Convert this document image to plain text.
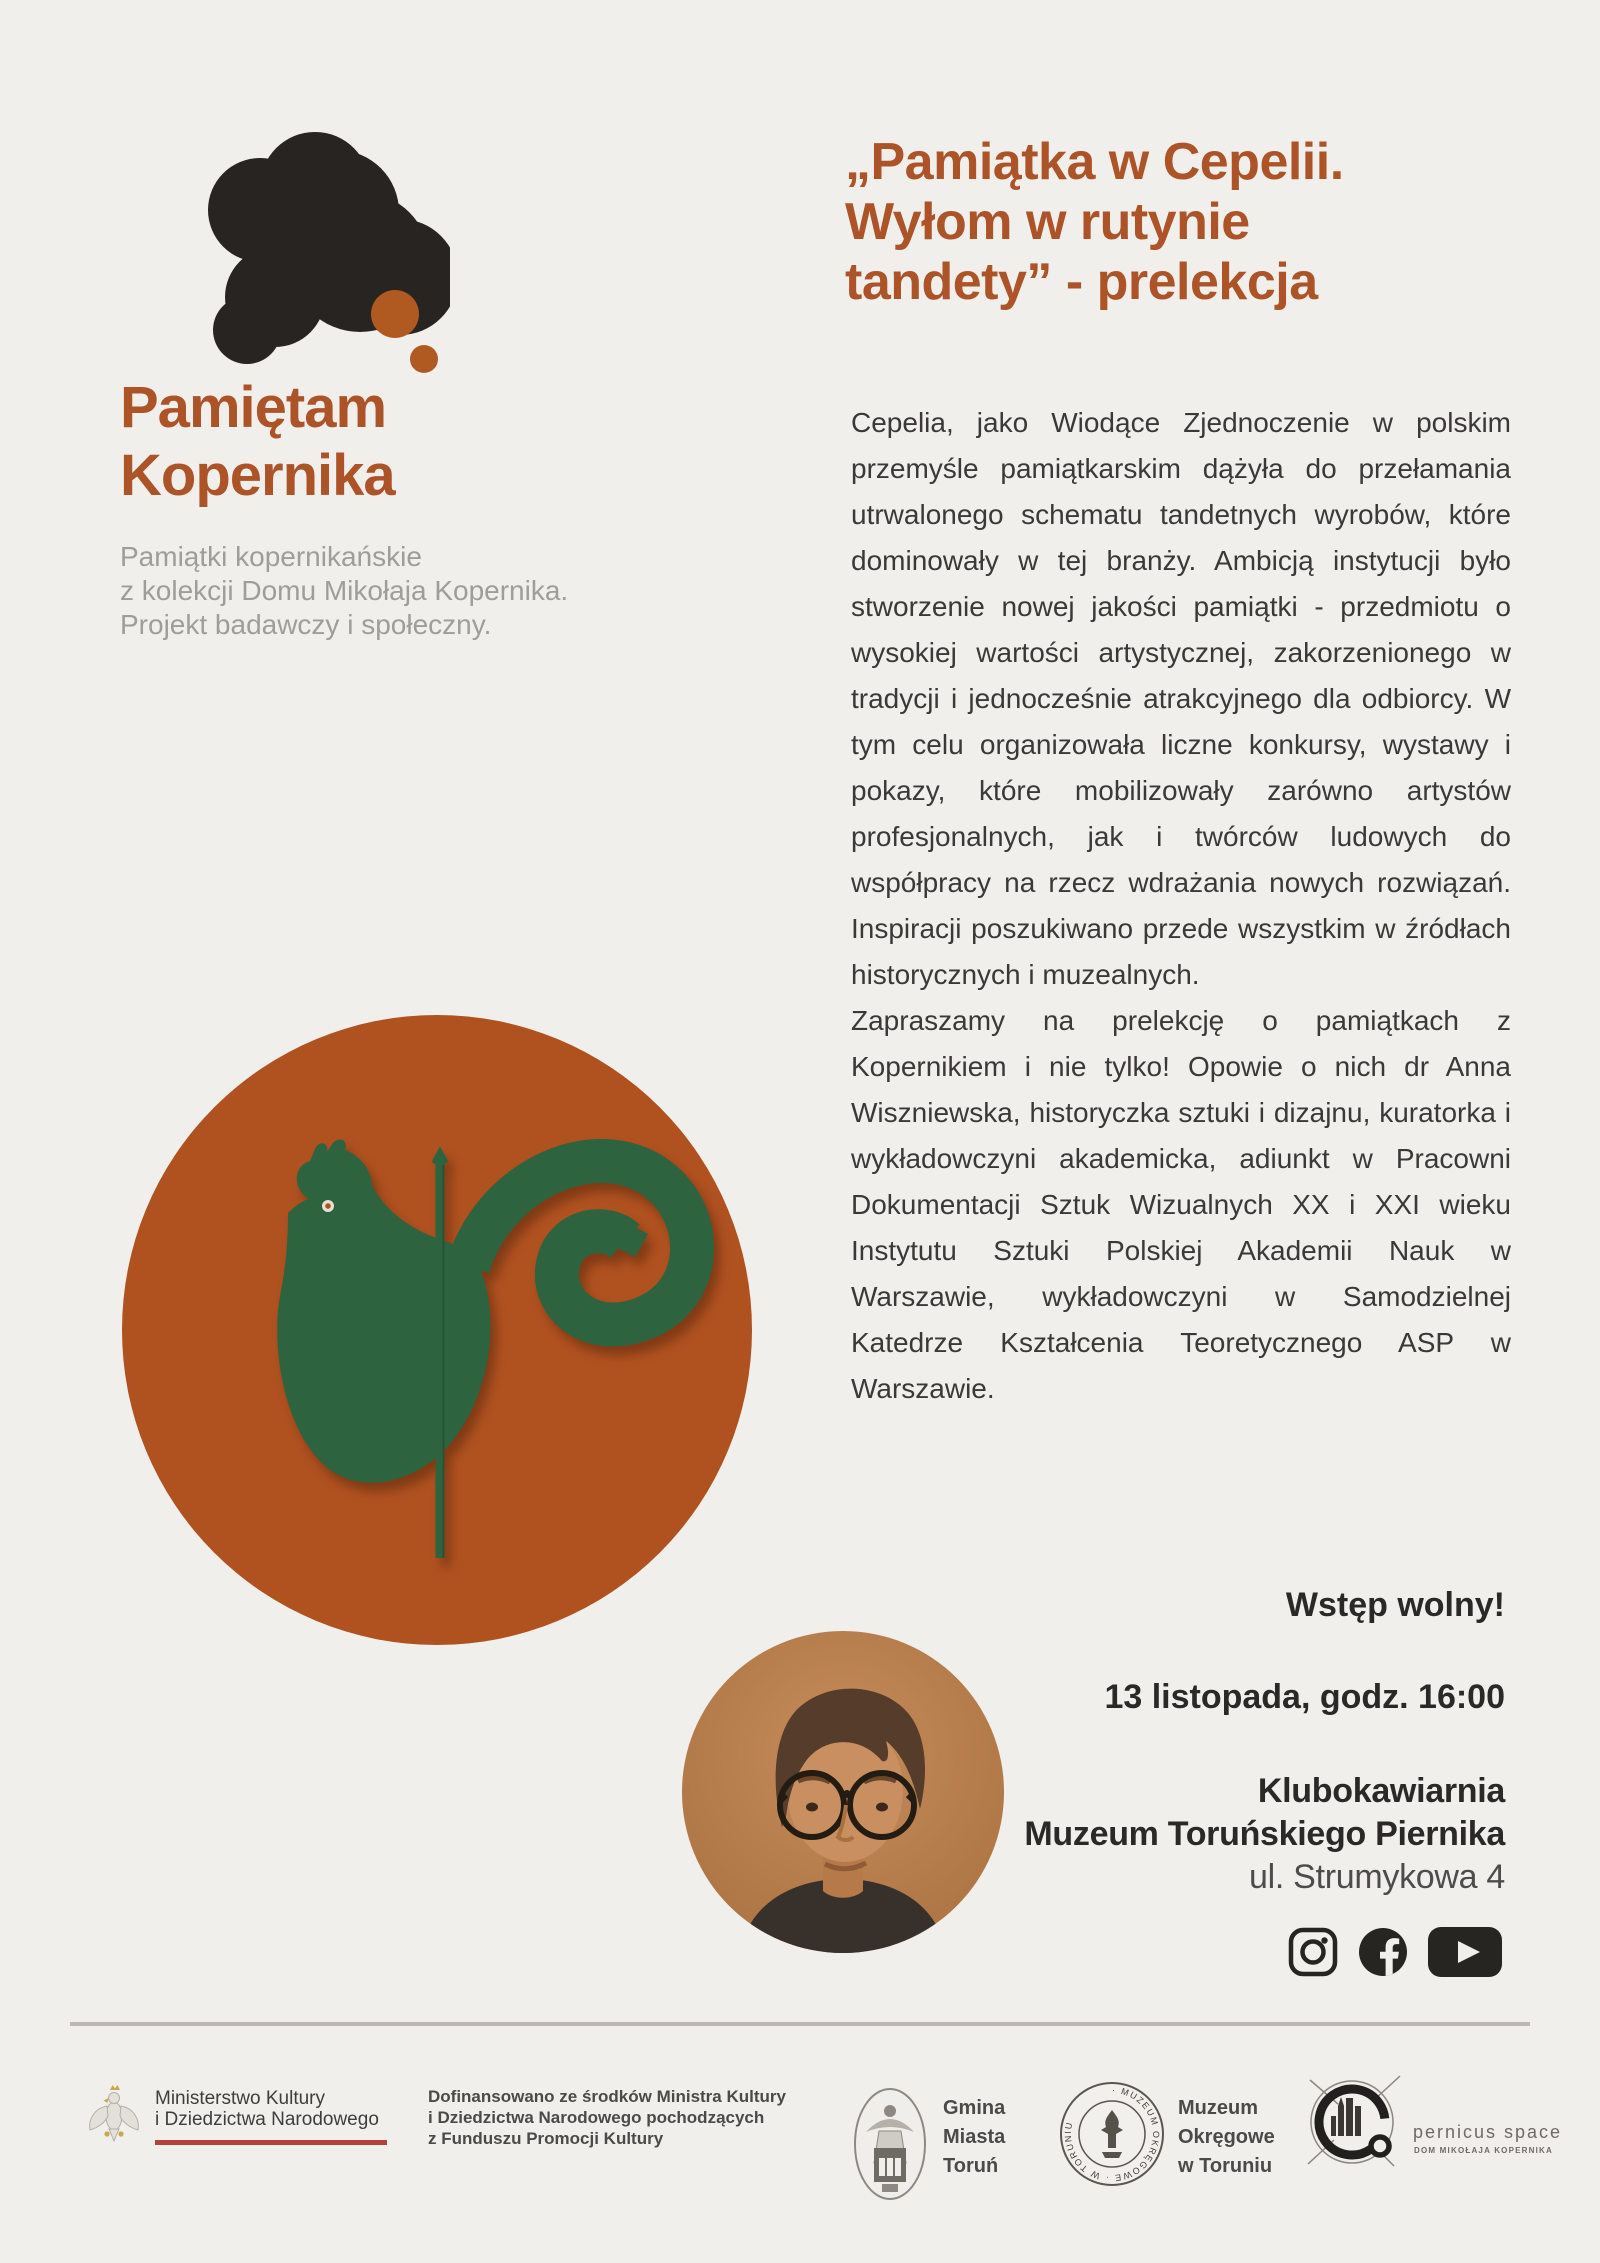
Pamiętam
Kopernika
Pamiątki kopernikańskie
z kolekcji Domu Mikołaja Kopernika.
Projekt badawczy i społeczny.
„Pamiątka w Cepelii.
Wyłom w rutynie
tandety” - prelekcja

Cepelia, jako Wiodące Zjednoczenie w polskim przemyśle pamiątkarskim dążyła do przełamania utrwalonego schematu tandetnych wyrobów, które dominowały w tej branży. Ambicją instytucji było stworzenie nowej jakości pamiątki - przedmiotu o wysokiej wartości artystycznej, zakorzenionego w tradycji i jednocześnie atrakcyjnego dla odbiorcy. W tym celu organizowała liczne konkursy, wystawy i pokazy, które mobilizowały zarówno artystów profesjonalnych, jak i twórców ludowych do współpracy na rzecz wdrażania nowych rozwiązań. Inspiracji poszukiwano przede wszystkim w źródłach historycznych i muzealnych.

Zapraszamy na prelekcję o pamiątkach z Kopernikiem i nie tylko! Opowie o nich dr Anna Wiszniewska, historyczka sztuki i dizajnu, kuratorka i wykładowczyni akademicka, adiunkt w Pracowni Dokumentacji Sztuk Wizualnych XX i XXI wieku Instytutu Sztuki Polskiej Akademii Nauk w Warszawie, wykładowczyni w Samodzielnej Katedrze Kształcenia Teoretycznego ASP w Warszawie.

Wstęp wolny!
13 listopada, godz. 16:00
Klubokawiarnia
Muzeum Toruńskiego Piernika
ul. Strumykowa 4
Ministerstwo Kultury
i Dziedzictwa Narodowego
Dofinansowano ze środków Ministra Kultury
i Dziedzictwa Narodowego pochodzących
z Funduszu Promocji Kultury
Gmina
Miasta
Toruń
· MUZEUM OKRĘGOWE · W TORUNIU
Muzeum
Okręgowe
w Toruniu
pernicus space
DOM MIKOŁAJA KOPERNIKA
